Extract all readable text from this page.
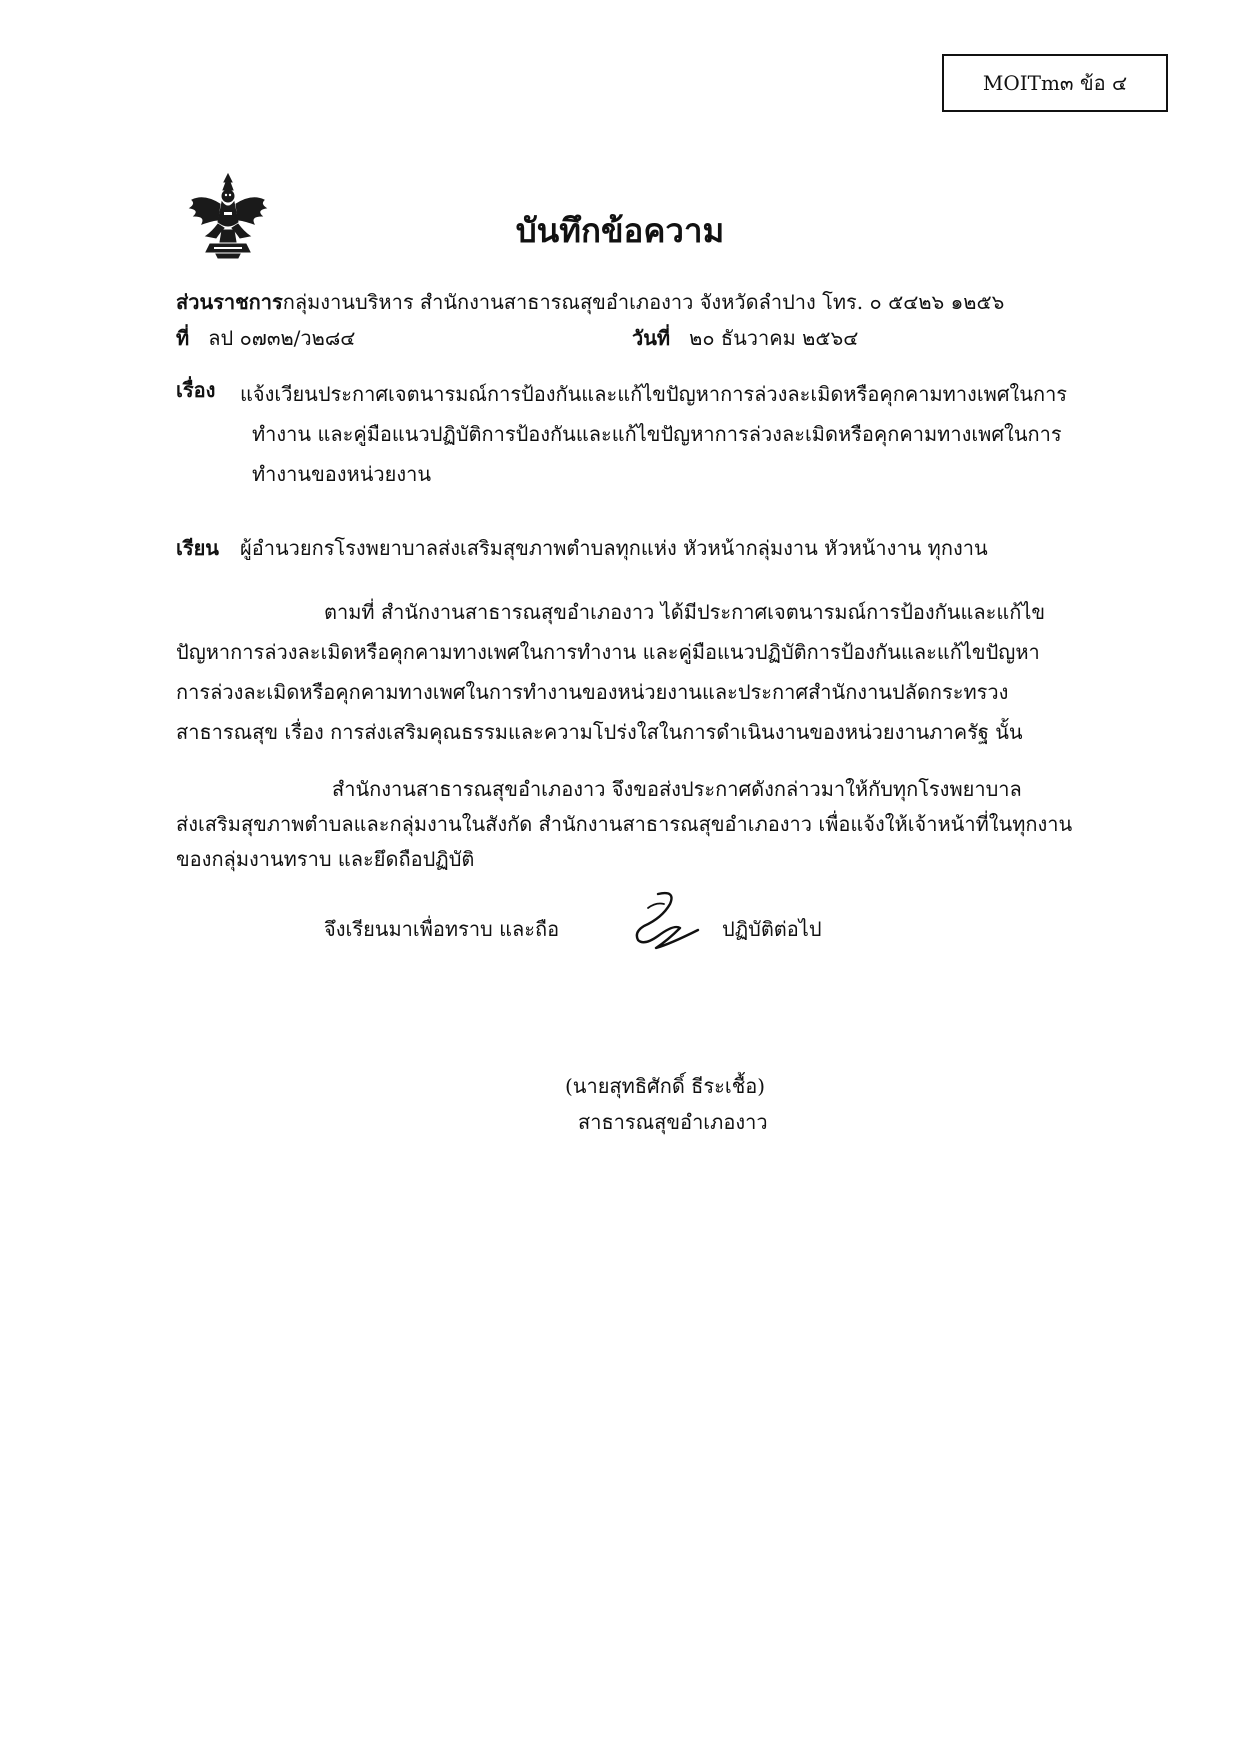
MOITm๓ ข้อ ๔
บันทึกข้อความ
ส่วนราชการกลุ่มงานบริหาร สำนักงานสาธารณสุขอำเภองาว จังหวัดลำปาง โทร. ๐ ๕๔๒๖ ๑๒๕๖
ที่ ลป ๐๗๓๒/ว๒๘๔	วันที่ ๒๐ ธันวาคม ๒๕๖๔
เรื่อง แจ้งเวียนประกาศเจตนารมณ์การป้องกันและแก้ไขปัญหาการล่วงละเมิดหรือคุกคามทางเพศในการ
ทำงาน และคู่มือแนวปฏิบัติการป้องกันและแก้ไขปัญหาการล่วงละเมิดหรือคุกคามทางเพศในการ
ทำงานของหน่วยงาน

เรียน ผู้อำนวยกรโรงพยาบาลส่งเสริมสุขภาพตำบลทุกแห่ง หัวหน้ากลุ่มงาน หัวหน้างาน ทุกงาน

ตามที่ สำนักงานสาธารณสุขอำเภองาว ได้มีประกาศเจตนารมณ์การป้องกันและแก้ไข
ปัญหาการล่วงละเมิดหรือคุกคามทางเพศในการทำงาน และคู่มือแนวปฏิบัติการป้องกันและแก้ไขปัญหา
การล่วงละเมิดหรือคุกคามทางเพศในการทำงานของหน่วยงานและประกาศสำนักงานปลัดกระทรวง
สาธารณสุข เรื่อง การส่งเสริมคุณธรรมและความโปร่งใสในการดำเนินงานของหน่วยงานภาครัฐ นั้น

สำนักงานสาธารณสุขอำเภองาว จึงขอส่งประกาศดังกล่าวมาให้กับทุกโรงพยาบาล
ส่งเสริมสุขภาพตำบลและกลุ่มงานในสังกัด สำนักงานสาธารณสุขอำเภองาว เพื่อแจ้งให้เจ้าหน้าที่ในทุกงาน
ของกลุ่มงานทราบ และยึดถือปฏิบัติ

จึงเรียนมาเพื่อทราบ และถือ	ปฏิบัติต่อไป
(นายสุทธิศักดิ์ ธีระเชื้อ)
สาธารณสุขอำเภองาว
